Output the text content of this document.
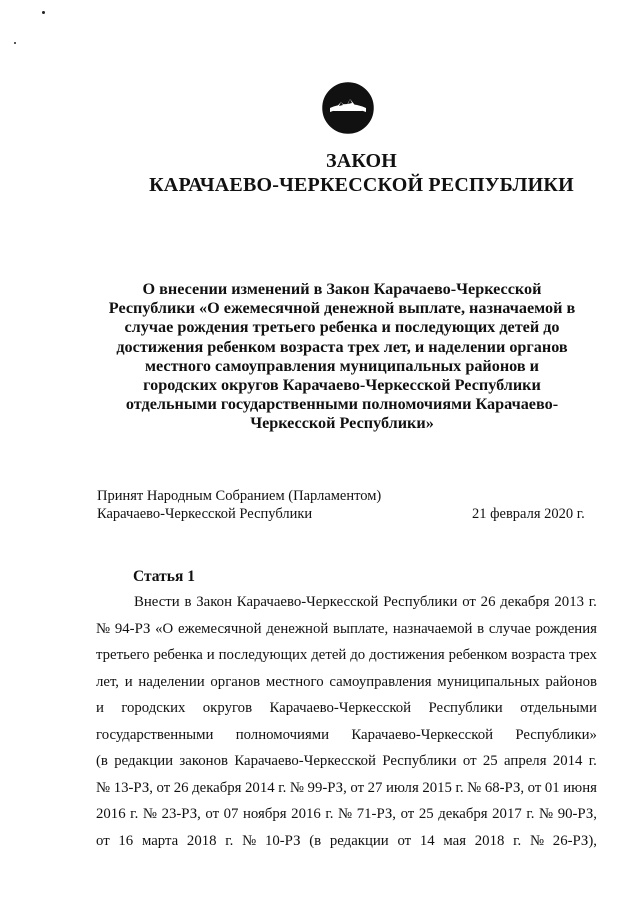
ЗАКОН
КАРАЧАЕВО-ЧЕРКЕССКОЙ РЕСПУБЛИКИ
О внесении изменений в Закон Карачаево-Черкесской
Республики «О ежемесячной денежной выплате, назначаемой в
случае рождения третьего ребенка и последующих детей до
достижения ребенком возраста трех лет, и наделении органов
местного самоуправления муниципальных районов и
городских округов Карачаево-Черкесской Республики
отдельными государственными полномочиями Карачаево-
Черкесской Республики»
Принят Народным Собранием (Парламентом)
Карачаево-Черкесской Республики	21 февраля 2020 г.
Статья 1
Внести в Закон Карачаево-Черкесской Республики от 26 декабря 2013 г.
№ 94-РЗ «О ежемесячной денежной выплате, назначаемой в случае рождения
третьего ребенка и последующих детей до достижения ребенком возраста трех
лет, и наделении органов местного самоуправления муниципальных районов
и городских округов Карачаево-Черкесской Республики отдельными
государственными полномочиями Карачаево-Черкесской Республики»
(в редакции законов Карачаево-Черкесской Республики от 25 апреля 2014 г.
№ 13-РЗ, от 26 декабря 2014 г. № 99-РЗ, от 27 июля 2015 г. № 68-РЗ, от 01 июня
2016 г. № 23-РЗ, от 07 ноября 2016 г. № 71-РЗ, от 25 декабря 2017 г. № 90-РЗ,
от 16 марта 2018 г. № 10-РЗ (в редакции от 14 мая 2018 г. № 26-РЗ),
